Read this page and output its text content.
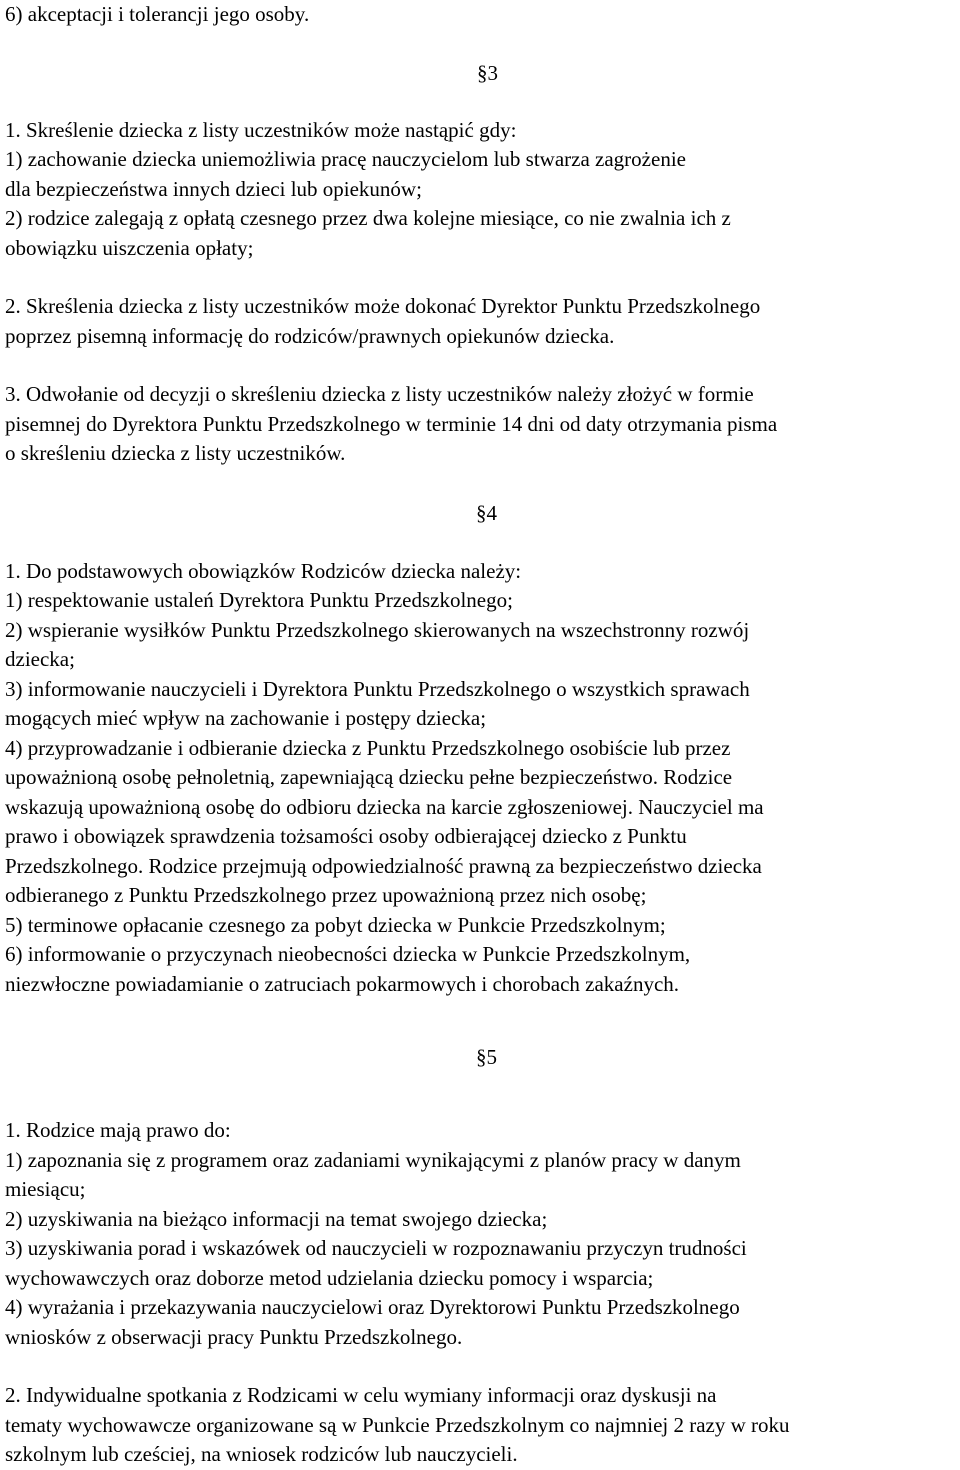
6) akceptacji i tolerancji jego osoby.
§3
1. Skreślenie dziecka z listy uczestników może nastąpić gdy:
1) zachowanie dziecka uniemożliwia pracę nauczycielom lub stwarza zagrożenie
dla bezpieczeństwa innych dzieci lub opiekunów;
2) rodzice zalegają z opłatą czesnego przez dwa kolejne miesiące, co nie zwalnia ich z
obowiązku uiszczenia opłaty;
2. Skreślenia dziecka z listy uczestników może dokonać Dyrektor Punktu Przedszkolnego
poprzez pisemną informację do rodziców/prawnych opiekunów dziecka.
3. Odwołanie od decyzji o skreśleniu dziecka z listy uczestników należy złożyć w formie
pisemnej do Dyrektora Punktu Przedszkolnego w terminie 14 dni od daty otrzymania pisma
o skreśleniu dziecka z listy uczestników.
§4
1. Do podstawowych obowiązków Rodziców dziecka należy:
1) respektowanie ustaleń Dyrektora Punktu Przedszkolnego;
2) wspieranie wysiłków Punktu Przedszkolnego skierowanych na wszechstronny rozwój
dziecka;
3) informowanie nauczycieli i Dyrektora Punktu Przedszkolnego o wszystkich sprawach
mogących mieć wpływ na zachowanie i postępy dziecka;
4) przyprowadzanie i odbieranie dziecka z Punktu Przedszkolnego osobiście lub przez
upoważnioną osobę pełnoletnią, zapewniającą dziecku pełne bezpieczeństwo. Rodzice
wskazują upoważnioną osobę do odbioru dziecka na karcie zgłoszeniowej. Nauczyciel ma
prawo i obowiązek sprawdzenia tożsamości osoby odbierającej dziecko z Punktu
Przedszkolnego. Rodzice przejmują odpowiedzialność prawną za bezpieczeństwo dziecka
odbieranego z Punktu Przedszkolnego przez upoważnioną przez nich osobę;
5) terminowe opłacanie czesnego za pobyt dziecka w Punkcie Przedszkolnym;
6) informowanie o przyczynach nieobecności dziecka w Punkcie Przedszkolnym,
niezwłoczne powiadamianie o zatruciach pokarmowych i chorobach zakaźnych.
§5
1. Rodzice mają prawo do:
1) zapoznania się z programem oraz zadaniami wynikającymi z planów pracy w danym
miesiącu;
2) uzyskiwania na bieżąco informacji na temat swojego dziecka;
3) uzyskiwania porad i wskazówek od nauczycieli w rozpoznawaniu przyczyn trudności
wychowawczych oraz doborze metod udzielania dziecku pomocy i wsparcia;
4) wyrażania i przekazywania nauczycielowi oraz Dyrektorowi Punktu Przedszkolnego
wniosków z obserwacji pracy Punktu Przedszkolnego.
2. Indywidualne spotkania z Rodzicami w celu wymiany informacji oraz dyskusji na
tematy wychowawcze organizowane są w Punkcie Przedszkolnym co najmniej 2 razy w roku
szkolnym lub cześciej, na wniosek rodziców lub nauczycieli.
